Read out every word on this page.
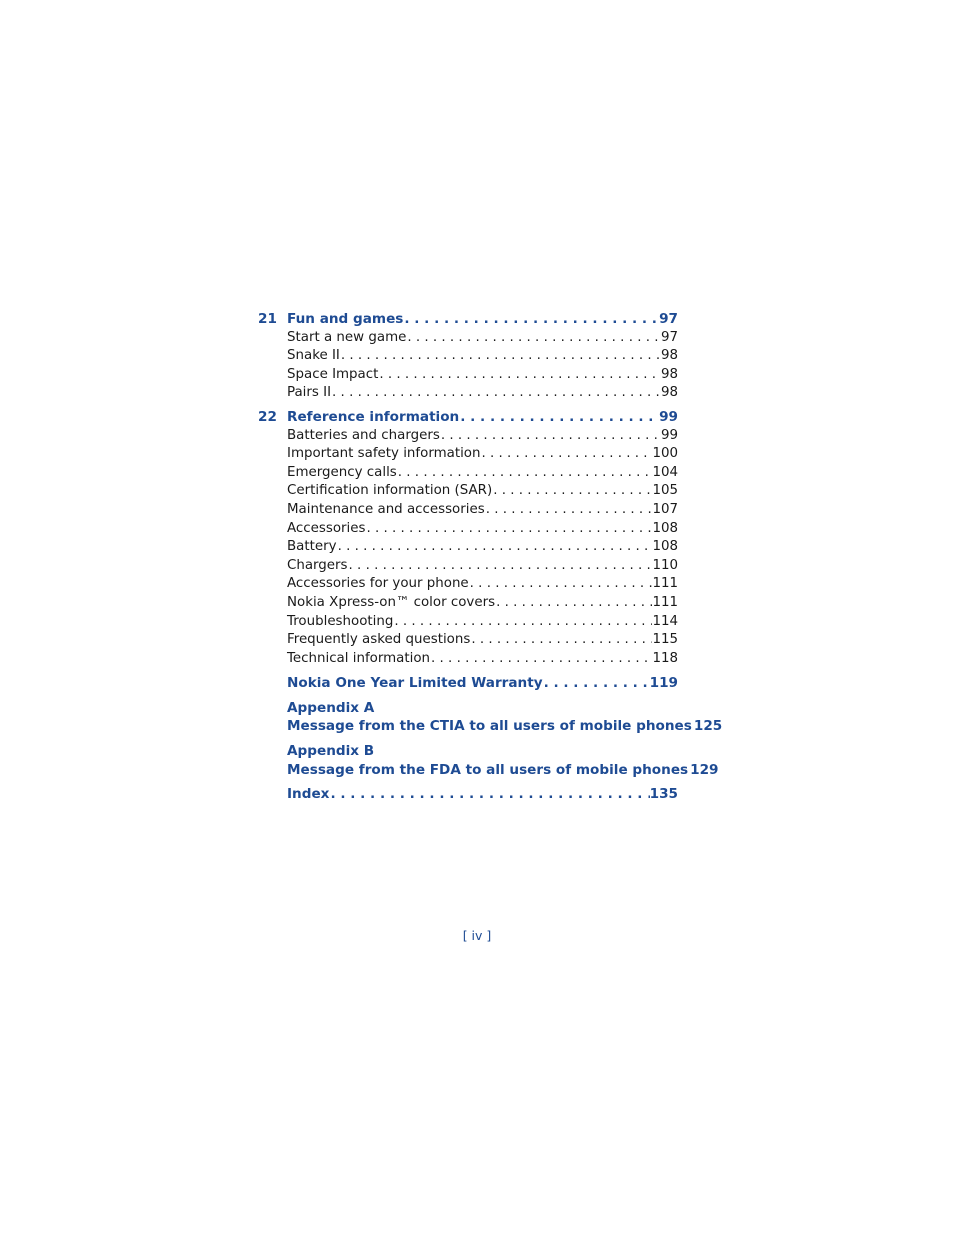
21 Fun and games . . .	97
Start a new game . . .	97
Snake II . . .	98
Space Impact . . .	98
Pairs II . . .	98
22 Reference information . . .	99
Batteries and chargers . . .	99
Important safety information . . .	100
Emergency calls . . .	104
Certification information (SAR) . . .	105
Maintenance and accessories . . .	107
Accessories . . .	108
Battery . . .	108
Chargers . . .	110
Accessories for your phone . . .	111
Nokia Xpress-on™ color covers . . .	111
Troubleshooting . . .	114
Frequently asked questions . . .	115
Technical information . . .	118
Nokia One Year Limited Warranty . . .	119
Appendix A
Message from the CTIA to all users of mobile phones . . . 125
Appendix B
Message from the FDA to all users of mobile phones . . . 129
Index . . .	135
[ iv ]
